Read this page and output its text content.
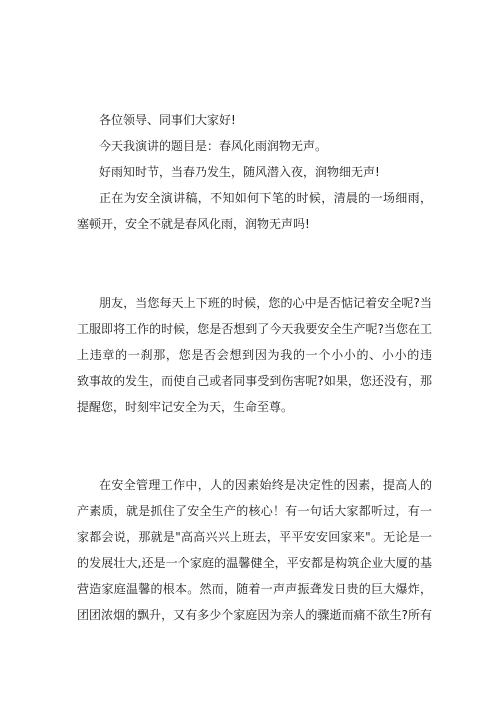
各位领导、同事们大家好!
今天我演讲的题目是：春风化雨润物无声。
好雨知时节，当春乃发生，随风潜入夜，润物细无声!
正在为安全演讲稿，不知如何下笔的时候，清晨的一场细雨，
塞顿开，安全不就是春风化雨，润物无声吗!
朋友，当您每天上下班的时候，您的心中是否惦记着安全呢?当
工服即将工作的时候，您是否想到了今天我要安全生产呢?当您在工
上违章的一刹那，您是否会想到因为我的一个小小的、小小的违
致事故的发生，而使自己或者同事受到伤害呢?如果，您还没有，那
提醒您，时刻牢记安全为天，生命至尊。
在安全管理工作中，人的因素始终是决定性的因素，提高人的
产素质，就是抓住了安全生产的核心！有一句话大家都听过，有一
家都会说，那就是"高高兴兴上班去，平平安安回家来"。无论是一
的发展壮大,还是一个家庭的温馨健全，平安都是构筑企业大厦的基
营造家庭温馨的根本。然而，随着一声声振聋发日贵的巨大爆炸，
团团浓烟的飘升，又有多少个家庭因为亲人的骤逝而痛不欲生?所有
